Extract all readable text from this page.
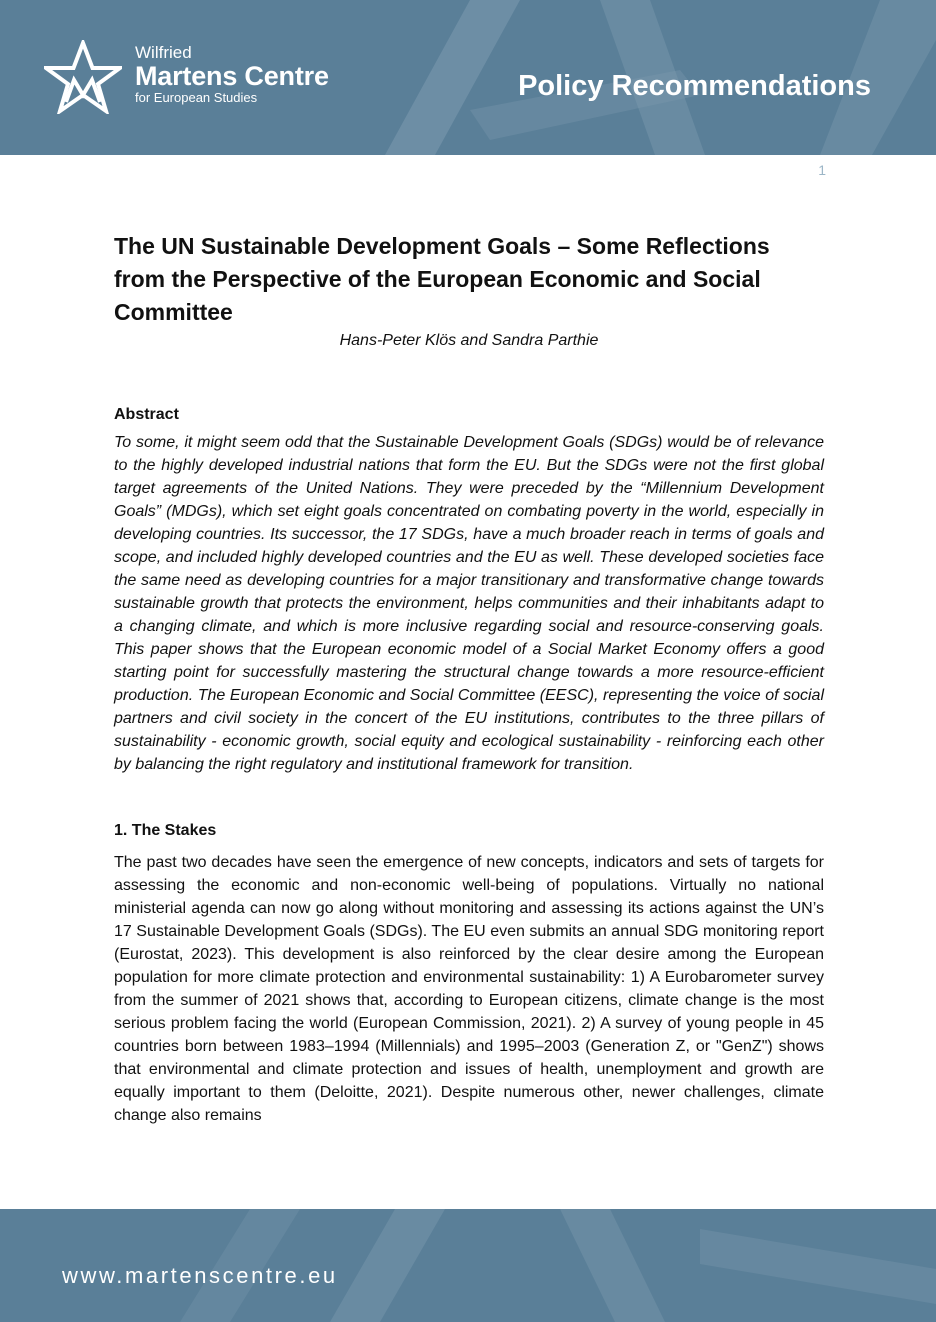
Wilfried
Martens Centre
for European Studies	Policy Recommendations
1
The UN Sustainable Development Goals – Some Reflections from the Perspective of the European Economic and Social Committee

Hans-Peter Klös and Sandra Parthie

Abstract

To some, it might seem odd that the Sustainable Development Goals (SDGs) would be of relevance to the highly developed industrial nations that form the EU. But the SDGs were not the first global target agreements of the United Nations. They were preceded by the “Millennium Development Goals” (MDGs), which set eight goals concentrated on combating poverty in the world, especially in developing countries. Its successor, the 17 SDGs, have a much broader reach in terms of goals and scope, and included highly developed countries and the EU as well. These developed societies face the same need as developing countries for a major transitionary and transformative change towards sustainable growth that protects the environment, helps communities and their inhabitants adapt to a changing climate, and which is more inclusive regarding social and resource-conserving goals. This paper shows that the European economic model of a Social Market Economy offers a good starting point for successfully mastering the structural change towards a more resource-efficient production. The European Economic and Social Committee (EESC), representing the voice of social partners and civil society in the concert of the EU institutions, contributes to the three pillars of sustainability - economic growth, social equity and ecological sustainability - reinforcing each other by balancing the right regulatory and institutional framework for transition.

1. The Stakes

The past two decades have seen the emergence of new concepts, indicators and sets of targets for assessing the economic and non-economic well-being of populations. Virtually no national ministerial agenda can now go along without monitoring and assessing its actions against the UN’s 17 Sustainable Development Goals (SDGs). The EU even submits an annual SDG monitoring report (Eurostat, 2023). This development is also reinforced by the clear desire among the European population for more climate protection and environmental sustainability: 1) A Eurobarometer survey from the summer of 2021 shows that, according to European citizens, climate change is the most serious problem facing the world (European Commission, 2021). 2) A survey of young people in 45 countries born between 1983–1994 (Millennials) and 1995–2003 (Generation Z, or "GenZ") shows that environmental and climate protection and issues of health, unemployment and growth are equally important to them (Deloitte, 2021). Despite numerous other, newer challenges, climate change also remains

www.martenscentre.eu
